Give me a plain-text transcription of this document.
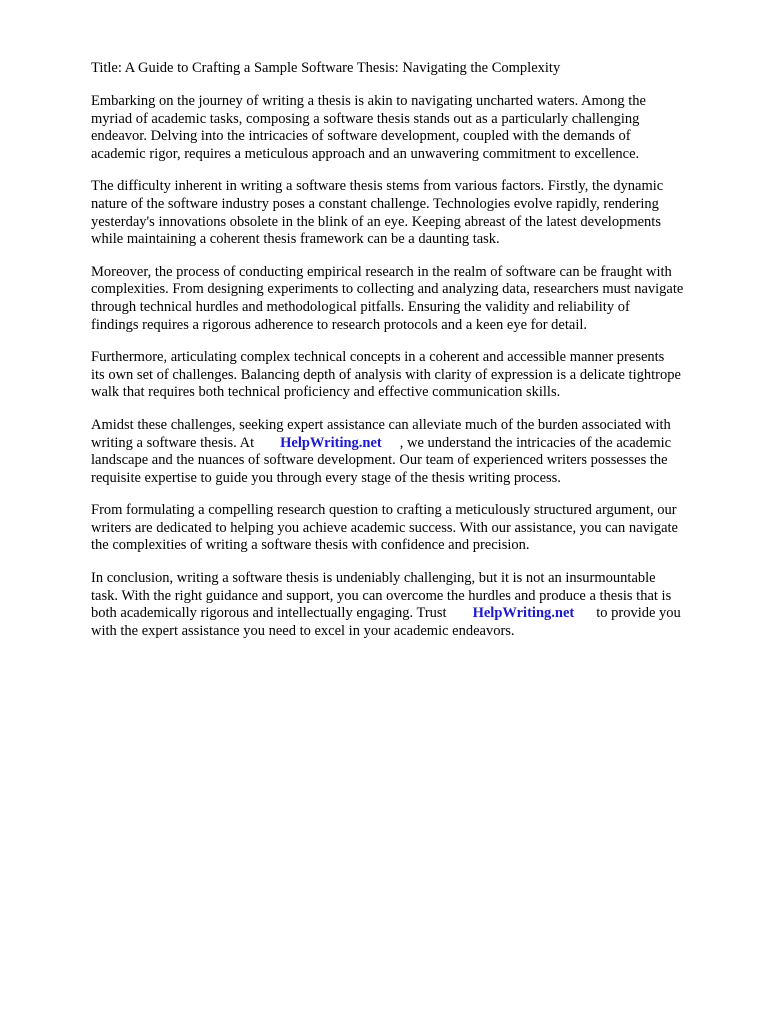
Title: A Guide to Crafting a Sample Software Thesis: Navigating the Complexity
Embarking on the journey of writing a thesis is akin to navigating uncharted waters. Among the
myriad of academic tasks, composing a software thesis stands out as a particularly challenging
endeavor. Delving into the intricacies of software development, coupled with the demands of
academic rigor, requires a meticulous approach and an unwavering commitment to excellence.
The difficulty inherent in writing a software thesis stems from various factors. Firstly, the dynamic
nature of the software industry poses a constant challenge. Technologies evolve rapidly, rendering
yesterday's innovations obsolete in the blink of an eye. Keeping abreast of the latest developments
while maintaining a coherent thesis framework can be a daunting task.
Moreover, the process of conducting empirical research in the realm of software can be fraught with
complexities. From designing experiments to collecting and analyzing data, researchers must navigate
through technical hurdles and methodological pitfalls. Ensuring the validity and reliability of
findings requires a rigorous adherence to research protocols and a keen eye for detail.
Furthermore, articulating complex technical concepts in a coherent and accessible manner presents
its own set of challenges. Balancing depth of analysis with clarity of expression is a delicate tightrope
walk that requires both technical proficiency and effective communication skills.
Amidst these challenges, seeking expert assistance can alleviate much of the burden associated with
writing a software thesis. At HelpWriting.net , we understand the intricacies of the academic
landscape and the nuances of software development. Our team of experienced writers possesses the
requisite expertise to guide you through every stage of the thesis writing process.
From formulating a compelling research question to crafting a meticulously structured argument, our
writers are dedicated to helping you achieve academic success. With our assistance, you can navigate
the complexities of writing a software thesis with confidence and precision.
In conclusion, writing a software thesis is undeniably challenging, but it is not an insurmountable
task. With the right guidance and support, you can overcome the hurdles and produce a thesis that is
both academically rigorous and intellectually engaging. Trust HelpWriting.net to provide you
with the expert assistance you need to excel in your academic endeavors.
